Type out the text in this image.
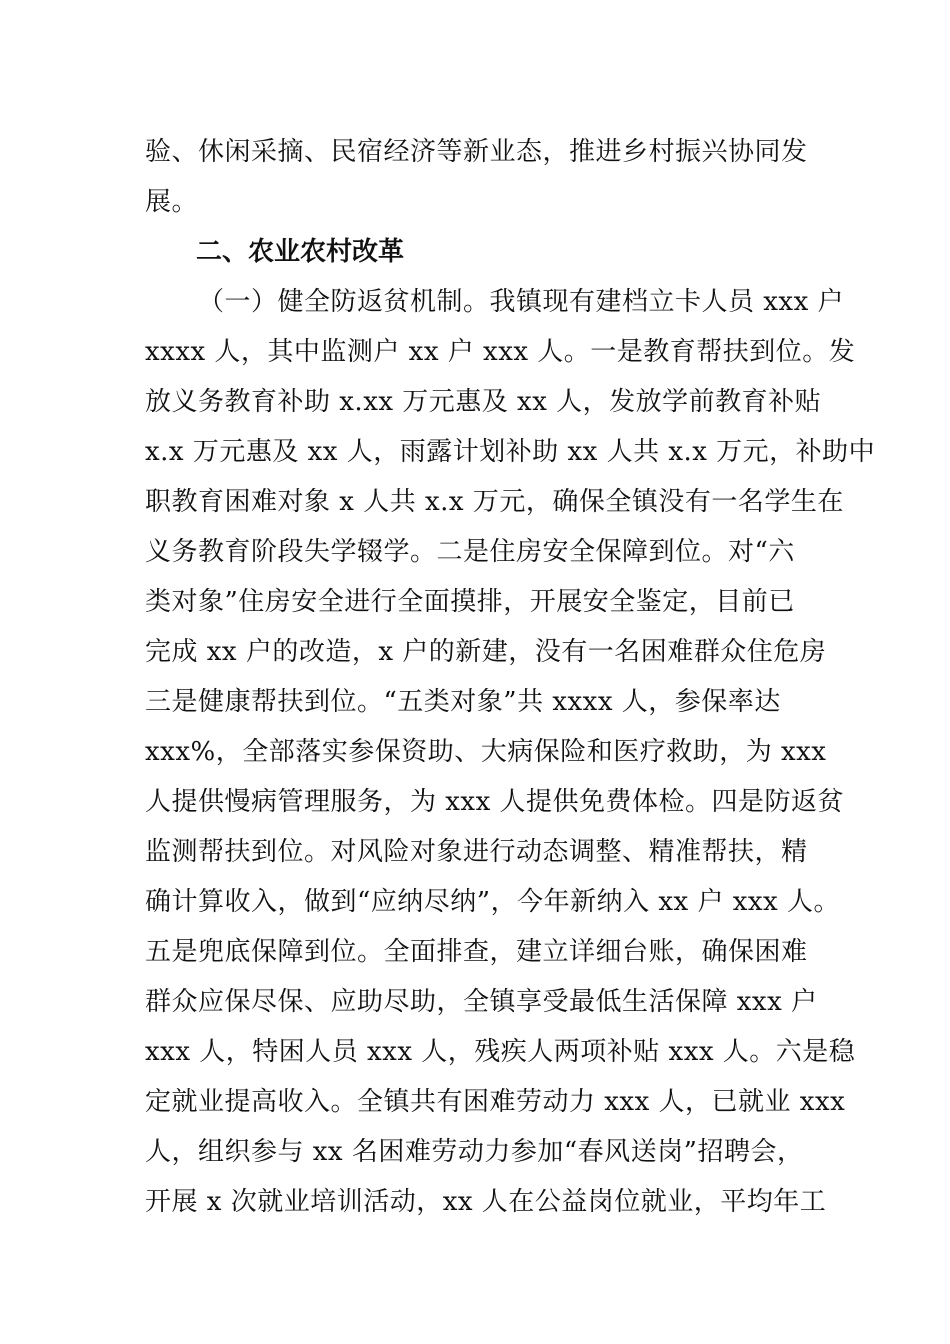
验、休闲采摘、民宿经济等新业态，推进乡村振兴协同发
展。
二、农业农村改革
（一）健全防返贫机制。我镇现有建档立卡人员 xxx 户
xxxx 人，其中监测户 xx 户 xxx 人。一是教育帮扶到位。发
放义务教育补助 x.xx 万元惠及 xx 人，发放学前教育补贴
x.x 万元惠及 xx 人，雨露计划补助 xx 人共 x.x 万元，补助中
职教育困难对象 x 人共 x.x 万元，确保全镇没有一名学生在
义务教育阶段失学辍学。二是住房安全保障到位。对“六
类对象”住房安全进行全面摸排，开展安全鉴定，目前已
完成 xx 户的改造，x 户的新建，没有一名困难群众住危房
三是健康帮扶到位。“五类对象”共 xxxx 人，参保率达
xxx%，全部落实参保资助、大病保险和医疗救助，为 xxx
人提供慢病管理服务，为 xxx 人提供免费体检。四是防返贫
监测帮扶到位。对风险对象进行动态调整、精准帮扶，精
确计算收入，做到“应纳尽纳”，今年新纳入 xx 户 xxx 人。
五是兜底保障到位。全面排查，建立详细台账，确保困难
群众应保尽保、应助尽助，全镇享受最低生活保障 xxx 户
xxx 人，特困人员 xxx 人，残疾人两项补贴 xxx 人。六是稳
定就业提高收入。全镇共有困难劳动力 xxx 人，已就业 xxx
人，组织参与 xx 名困难劳动力参加“春风送岗”招聘会，
开展 x 次就业培训活动，xx 人在公益岗位就业，平均年工
